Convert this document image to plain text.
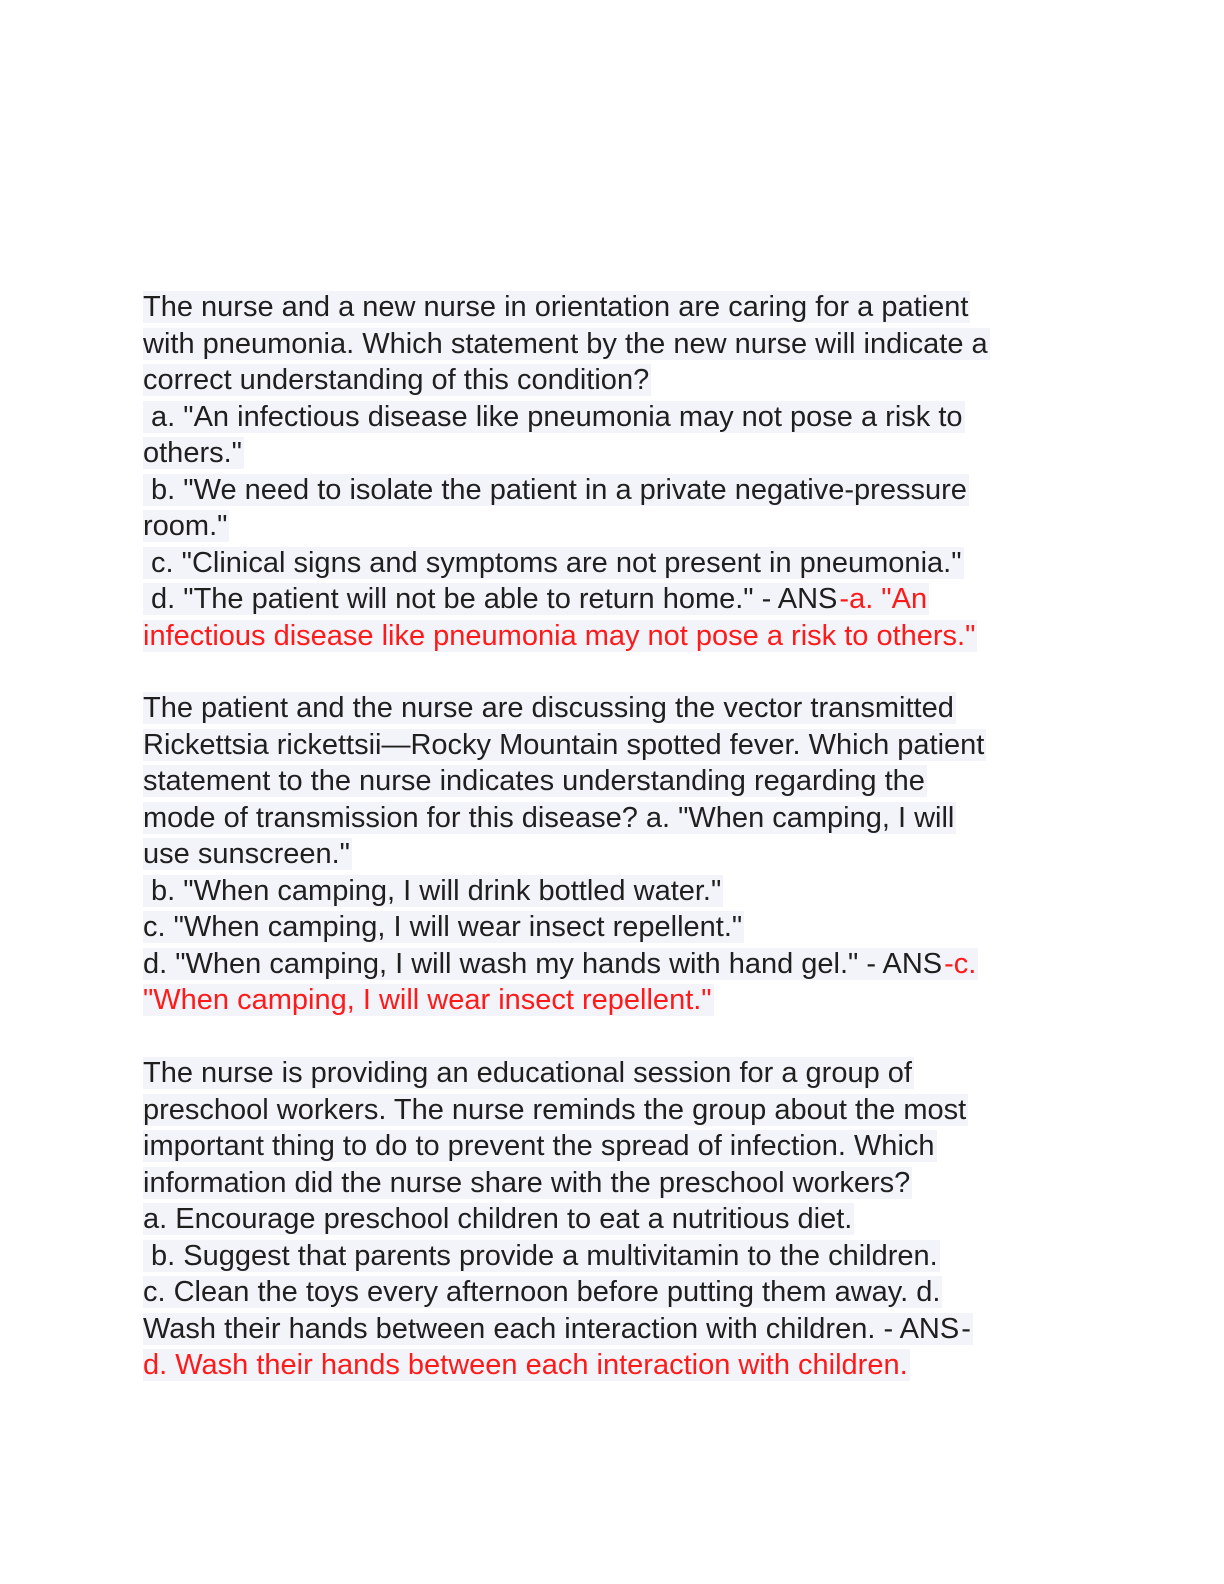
The nurse and a new nurse in orientation are caring for a patient
with pneumonia. Which statement by the new nurse will indicate a
correct understanding of this condition?
a. "An infectious disease like pneumonia may not pose a risk to
others."
b. "We need to isolate the patient in a private negative-pressure
room."
c. "Clinical signs and symptoms are not present in pneumonia."
d. "The patient will not be able to return home." - ANS-a. "An
infectious disease like pneumonia may not pose a risk to others."
The patient and the nurse are discussing the vector transmitted
Rickettsia rickettsii—Rocky Mountain spotted fever. Which patient
statement to the nurse indicates understanding regarding the
mode of transmission for this disease? a. "When camping, I will
use sunscreen."
b. "When camping, I will drink bottled water."
c. "When camping, I will wear insect repellent."
d. "When camping, I will wash my hands with hand gel." - ANS-c.
"When camping, I will wear insect repellent."
The nurse is providing an educational session for a group of
preschool workers. The nurse reminds the group about the most
important thing to do to prevent the spread of infection. Which
information did the nurse share with the preschool workers?
a. Encourage preschool children to eat a nutritious diet.
b. Suggest that parents provide a multivitamin to the children.
c. Clean the toys every afternoon before putting them away. d.
Wash their hands between each interaction with children. - ANS-
d. Wash their hands between each interaction with children.
